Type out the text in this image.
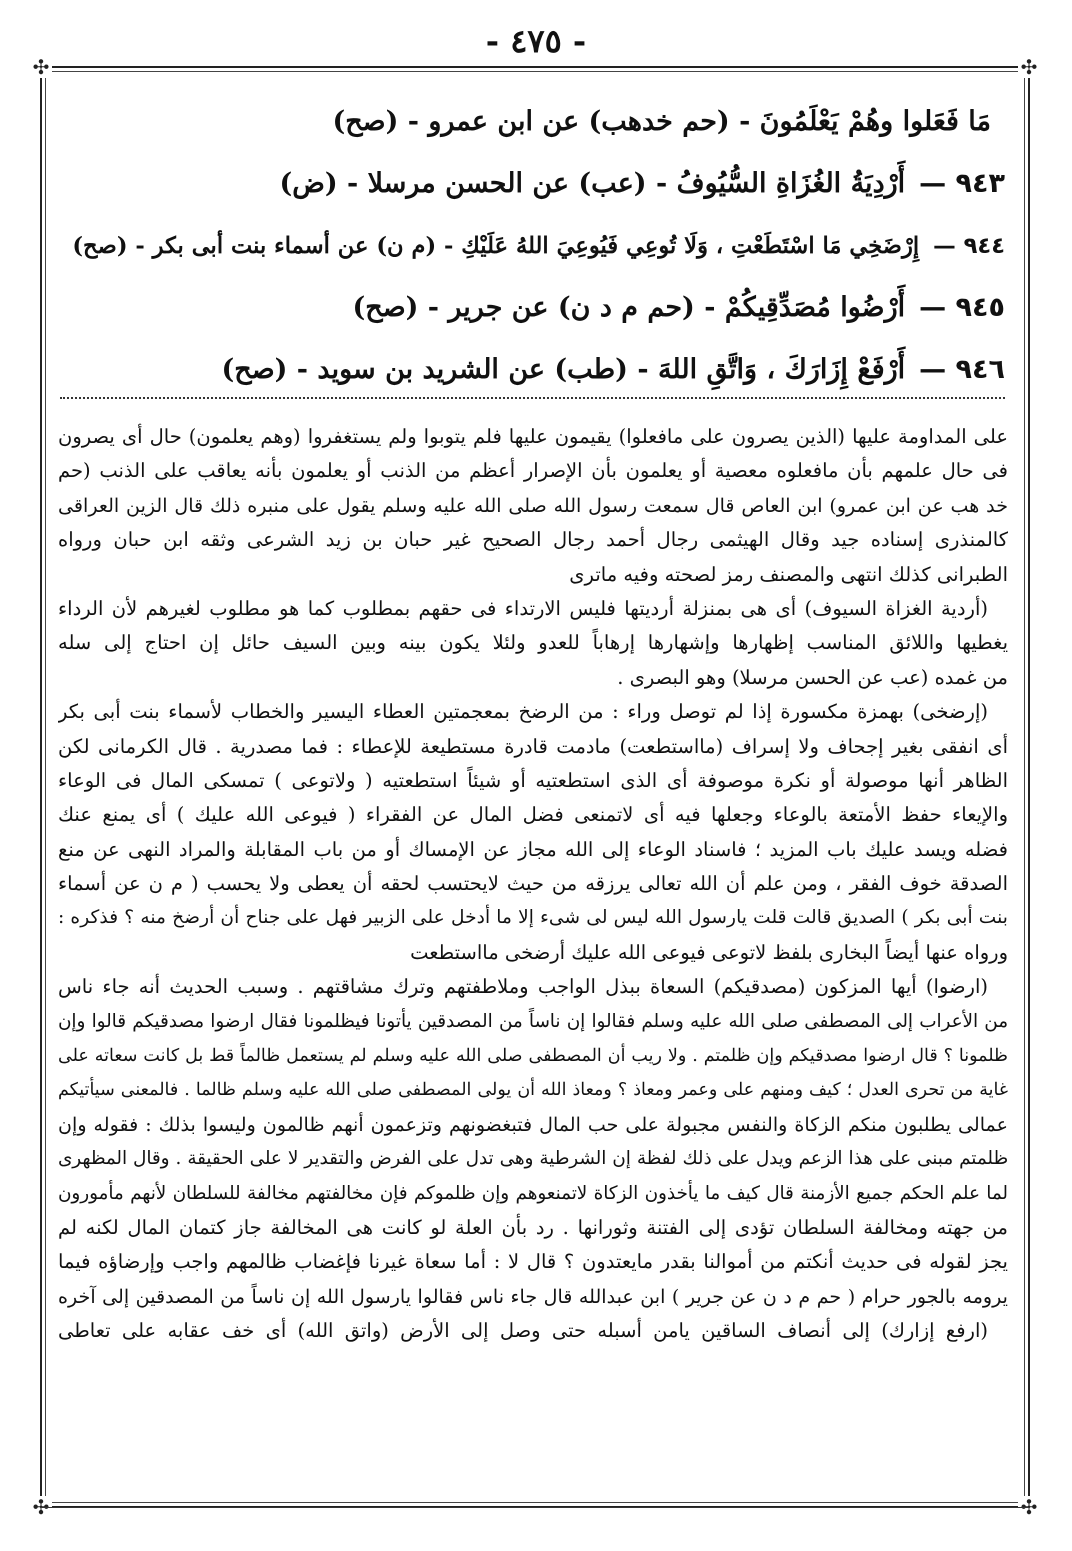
- ٤٧٥ -
✣	✣
✣	✣
مَا فَعَلوا وهُمْ يَعْلَمُونَ - (حم خدهب) عن ابن عمرو - (صح)
٩٤٣ —أَرْدِيَةُ الغُزَاةِ السُّيُوفُ - (عب) عن الحسن مرسلا - (ض)
٩٤٤ —إِرْضَخِي مَا اسْتَطَعْتِ ، وَلَا تُوعِي فَيُوعِيَ اللهُ عَلَيْكِ - (م ن) عن أسماء بنت أبى بكر - (صح)
٩٤٥ —أَرْضُوا مُصَدِّقِيكُمْ - (حم م د ن) عن جرير - (صح)
٩٤٦ —أَرْفَعْ إِزَارَكَ ، وَاتَّقِ اللهَ - (طب) عن الشريد بن سويد - (صح)
على المداومة عليها (الذين يصرون على مافعلوا) يقيمون عليها فلم يتوبوا ولم يستغفروا (وهم يعلمون) حال أى يصرون
فى حال علمهم بأن مافعلوه معصية أو يعلمون بأن الإصرار أعظم من الذنب أو يعلمون بأنه يعاقب على الذنب (حم
خد هب عن ابن عمرو) ابن العاص قال سمعت رسول الله صلى الله عليه وسلم يقول على منبره ذلك قال الزين العراقى
كالمنذرى إسناده جيد وقال الهيثمى رجال أحمد رجال الصحيح غير حبان بن زيد الشرعى وثقه ابن حبان ورواه
الطبرانى كذلك انتهى والمصنف رمز لصحته وفيه ماترى
(أردية الغزاة السيوف) أى هى بمنزلة أرديتها فليس الارتداء فى حقهم بمطلوب كما هو مطلوب لغيرهم لأن الرداء
يغطيها واللائق المناسب إظهارها وإشهارها إرهاباً للعدو ولئلا يكون بينه وبين السيف حائل إن احتاج إلى سله
من غمده (عب عن الحسن مرسلا) وهو البصرى .
(إرضخى) بهمزة مكسورة إذا لم توصل وراء : من الرضخ بمعجمتين العطاء اليسير والخطاب لأسماء بنت أبى بكر
أى انفقى بغير إجحاف ولا إسراف (مااستطعت) مادمت قادرة مستطيعة للإعطاء : فما مصدرية . قال الكرمانى لكن
الظاهر أنها موصولة أو نكرة موصوفة أى الذى استطعتيه أو شيئاً استطعتيه ( ولاتوعى ) تمسكى المال فى الوعاء
والإيعاء حفظ الأمتعة بالوعاء وجعلها فيه أى لاتمنعى فضل المال عن الفقراء ( فيوعى الله عليك ) أى يمنع عنك
فضله ويسد عليك باب المزيد ؛ فاسناد الوعاء إلى الله مجاز عن الإمساك أو من باب المقابلة والمراد النهى عن منع
الصدقة خوف الفقر ، ومن علم أن الله تعالى يرزقه من حيث لايحتسب لحقه أن يعطى ولا يحسب ( م ن عن أسماء
بنت أبى بكر ) الصديق قالت قلت يارسول الله ليس لى شىء إلا ما أدخل على الزبير فهل على جناح أن أرضخ منه ؟ فذكره :
ورواه عنها أيضاً البخارى بلفظ لاتوعى فيوعى الله عليك أرضخى مااستطعت
(ارضوا) أيها المزكون (مصدقيكم) السعاة ببذل الواجب وملاطفتهم وترك مشاقتهم . وسبب الحديث أنه جاء ناس
من الأعراب إلى المصطفى صلى الله عليه وسلم فقالوا إن ناساً من المصدقين يأتونا فيظلمونا فقال ارضوا مصدقيكم قالوا وإن
ظلمونا ؟ قال ارضوا مصدقيكم وإن ظلمتم . ولا ريب أن المصطفى صلى الله عليه وسلم لم يستعمل ظالماً قط بل كانت سعاته على
غاية من تحرى العدل ؛ كيف ومنهم على وعمر ومعاذ ؟ ومعاذ الله أن يولى المصطفى صلى الله عليه وسلم ظالما . فالمعنى سيأتيكم
عمالى يطلبون منكم الزكاة والنفس مجبولة على حب المال فتبغضونهم وتزعمون أنهم ظالمون وليسوا بذلك : فقوله وإن
ظلمتم مبنى على هذا الزعم ويدل على ذلك لفظة إن الشرطية وهى تدل على الفرض والتقدير لا على الحقيقة . وقال المظهرى
لما علم الحكم جميع الأزمنة قال كيف ما يأخذون الزكاة لاتمنعوهم وإن ظلموكم فإن مخالفتهم مخالفة للسلطان لأنهم مأمورون
من جهته ومخالفة السلطان تؤدى إلى الفتنة وثورانها . رد بأن العلة لو كانت هى المخالفة جاز كتمان المال لكنه لم
يجز لقوله فى حديث أنكتم من أموالنا بقدر مايعتدون ؟ قال لا : أما سعاة غيرنا فإغضاب ظالمهم واجب وإرضاؤه فيما
يرومه بالجور حرام ( حم م د ن عن جرير ) ابن عبدالله قال جاء ناس فقالوا يارسول الله إن ناساً من المصدقين إلى آخره
(ارفع إزارك) إلى أنصاف الساقين يامن أسبله حتى وصل إلى الأرض (واتق الله) أى خف عقابه على تعاطى
